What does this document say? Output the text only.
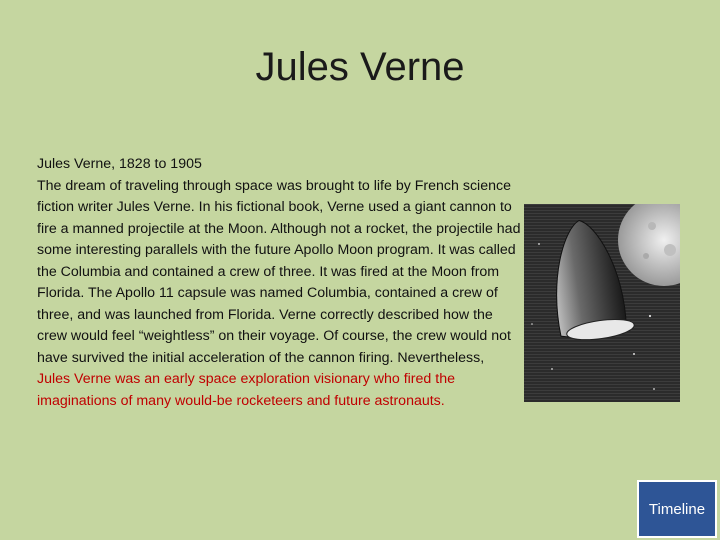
Jules Verne

Jules Verne, 1828 to 1905

The dream of traveling through space was brought to life by French science fiction writer Jules Verne. In his fictional book, Verne used a giant cannon to fire a manned projectile at the Moon. Although not a rocket, the projectile had some interesting parallels with the future Apollo Moon program. It was called the Columbia and contained a crew of three. It was fired at the Moon from Florida. The Apollo 11 capsule was named Columbia, contained a crew of three, and was launched from Florida. Verne correctly described how the crew would feel “weightless” on their voyage. Of course, the crew would not have survived the initial acceleration of the cannon firing. Nevertheless, Jules Verne was an early space exploration visionary who fired the imaginations of many would-be rocketeers and future astronauts.

Timeline
